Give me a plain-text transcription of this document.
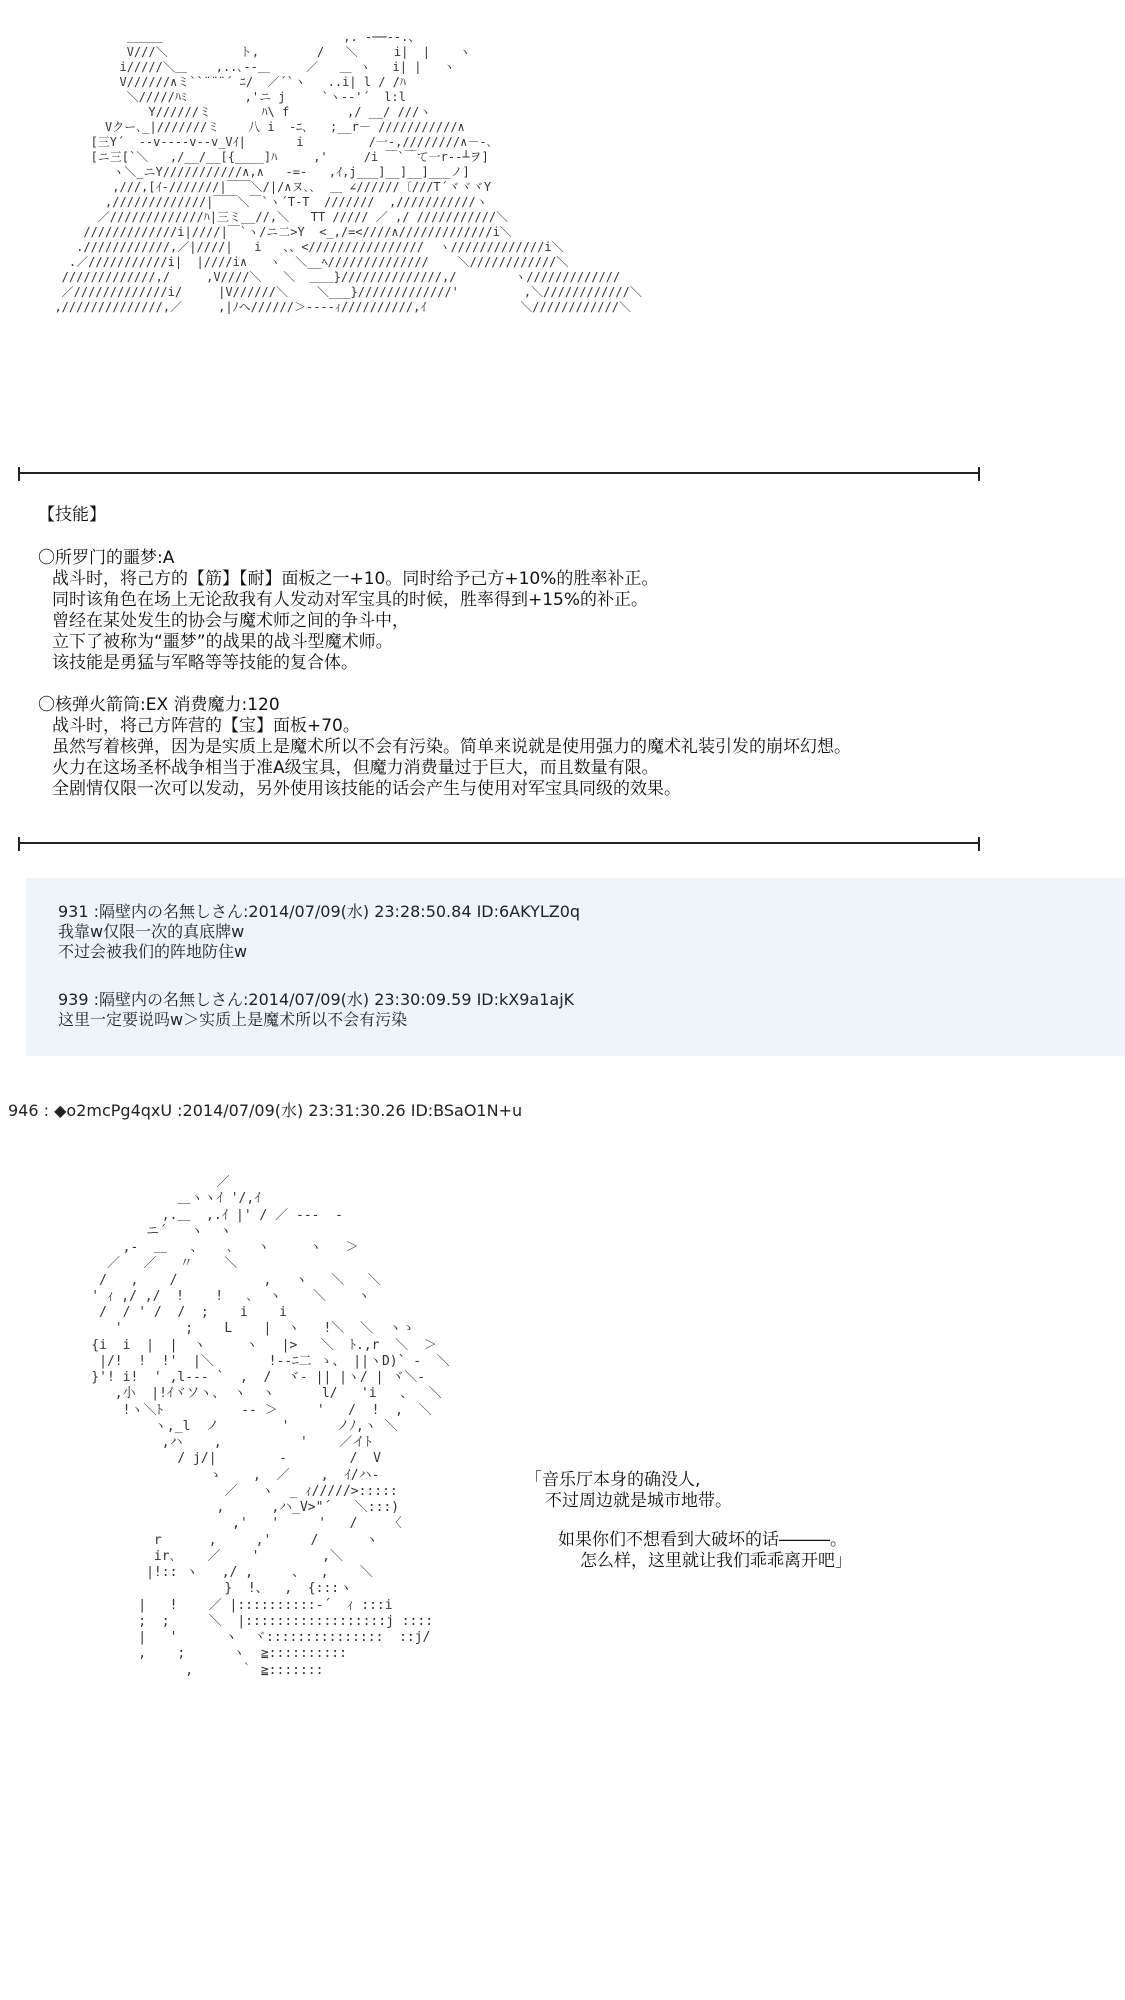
＿＿＿                         ,. ‐──‐-.、
V///＼          ト,        /   ＼     i|  |    ヽ
i/////＼＿    ,..､-‐＿     ／   ＿ ヽ   i| |   ヽ
V//////∧ミ``¨¨¨´ ﾆ/  ／´`ヽ   ..i| l / /ﾊ
＼/////ﾊﾐ        ,'ニ j     `ヽ‐‐'´  l:l
Y//////ミ       ﾊ\ f        ,/ __/ ///ヽ
Vクー､_|///////ミ    八 i  ‐ﾆ､   ;__r－ ///////////∧
[三Y´  -‐v----v--v_Vｲ|       i         /一‐,////////∧－-､
[ニ三[`＼   ,/__/__[{____]ﾊ     ,'     /i ￣`￣て一r‐‐┴ヲ]
ヽ＼_ニY///////////∧,∧   -=-   ,ｲ,j___]__]__]___ノ]
,///,[ｲ-///////|￣￣＼/|/∧ヌ､､  ＿ ∠//////〔///T´ヾヾヾY
,/////////////|￣￣＼￣`ヽ´T‐T  ///////  ,///////////ヽ
／/////////////ﾊ|三ミ__//,＼   TT ///// ／ ,/ ///////////＼
/////////////i|////|￣`ヽ/ニ二>Y  <_,/=<////∧/////////////i＼
.////////////,／|////|   i   、、<////////////////  ヽ/////////////i＼
.／///////////i|  |////i∧   ヽ  ＼__ﾍ//////////////    ＼////////////＼
/////////////,/     ,V////＼   ＼  ＿＿}//////////////,/        ヽ/////////////
／/////////////i/     |V//////＼    ＼___}/////////////'         ,＼////////////＼
,//////////////,／     ,|ﾉヘ//////＞‐‐‐‐ｨ//////////,ｲ             ＼////////////＼
【技能】
〇所罗门的噩梦:A
战斗时，将己方的【筋】【耐】面板之一+10。同时给予己方+10%的胜率补正。
同时该角色在场上无论敌我有人发动对军宝具的时候，胜率得到+15%的补正。
曾经在某处发生的协会与魔术师之间的争斗中，
立下了被称为“噩梦”的战果的战斗型魔术师。
该技能是勇猛与军略等等技能的复合体。
〇核弹火箭筒:EX 消费魔力:120
战斗时，将己方阵营的【宝】面板+70。
虽然写着核弹，因为是实质上是魔术所以不会有污染。简单来说就是使用强力的魔术礼装引发的崩坏幻想。
火力在这场圣杯战争相当于准A级宝具，但魔力消费量过于巨大，而且数量有限。
全剧情仅限一次可以发动，另外使用该技能的话会产生与使用对军宝具同级的效果。
931 :隔壁内の名無しさん:2014/07/09(水) 23:28:50.84 ID:6AKYLZ0q
我靠w仅限一次的真底牌w
不过会被我们的阵地防住w
939 :隔壁内の名無しさん:2014/07/09(水) 23:30:09.59 ID:kX9a1ajK
这里一定要说吗w＞实质上是魔术所以不会有污染
946 : ◆o2mcPg4qxU :2014/07/09(水) 23:31:30.26 ID:BSaO1N+u
／
＿ヽヽｲ '/,ｲ
,.＿  ,.ｲ |' / ／ ‐‐‐  ‐
ニ´   ヽ  ヽ
,-  ＿   、   ､   ヽ     ヽ   ＞
／   ／   〃    ＼
/   ,    /           ,   ヽ   ＼   ＼
' ｨ ,/ ,/  !    !   ､  ヽ    ＼    ヽ
/  / ' /  /  ;    i    i
'        ;    L    |  ヽ   !＼  ＼  ヽゝ
{i  i  |  |  ヽ     ヽ   |>   ＼  ﾄ.,r  ＼  ＞
|/!  !  !'  |＼       !‐‐ﾆ二 ゝ、 ||ヽD)` ‐  ＼
}'! i!  ' ,l-‐- `  ,  /  ヾ- || |ヽ/ | ヾ＼‐
,小  |!ｲヾソヽ、 ヽ  ヽ      l/   'i   、  ＼
!ヽ＼ﾄ          ‐‐ ＞     '   /  !  ,  ＼
ヽ,_l  ノ        '      ノﾉ,ヽ ＼
,ハ    ,          '    ／イﾄ
/ j/|        ‐        /  V
ゝ    ,  ／    ,  ｲ/ハ‐
／   ヽ  _ ｨ/////>:::::
,      ,ハ_V>"´   ＼:::)
,'   '     '   /    〈
r      ,     ,'     /      ヽ
ir､    ／    '        ,＼
|!:: ヽ   ,/ ,     、  ,    ＼
}  !、  ,  {:::ヽ
|   !    ／ |::::::::::‐´  ｨ :::i
;  ;     ＼  |::::::::::::::::::j ::::
|   '      ヽ  ヾ:::::::::::::::  ::j/
,    ;      ヽ  ≧::::::::::
,      ｀ ≧:::::::
「音乐厅本身的确没人,
不过周边就是城市地带。
如果你们不想看到大破坏的话―――。
怎么样，这里就让我们乖乖离开吧」
